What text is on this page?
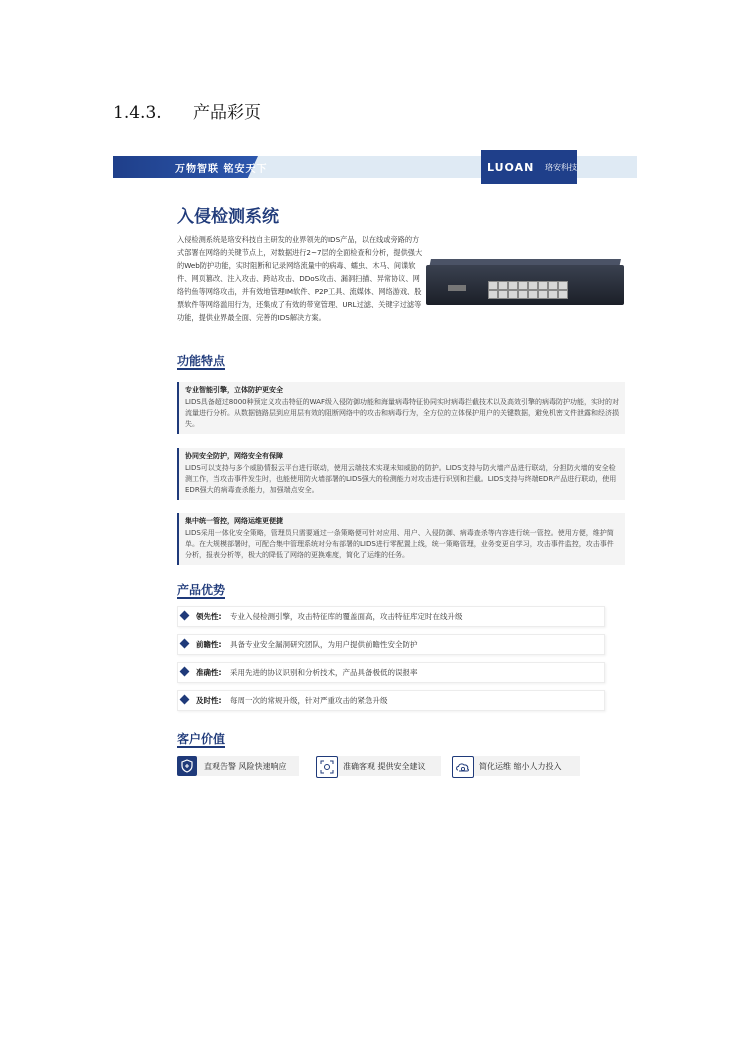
1.4.3. 产品彩页
万物智联 铭安天下	LUOAN 珞安科技
入侵检测系统
入侵检测系统是珞安科技自主研发的业界领先的IDS产品，以在线或旁路的方式部署在网络的关键节点上，对数据进行2~7层的全面检查和分析，提供强大的Web防护功能，实时阻断和记录网络流量中的病毒、蠕虫、木马、间谍软件、网页篡改、注入攻击、跨站攻击、DDoS攻击、漏洞扫描、异常协议、网络钓鱼等网络攻击，并有效地管理IM软件、P2P工具、流媒体、网络游戏、股票软件等网络滥用行为，还集成了有效的带宽管理、URL过滤、关键字过滤等功能，提供业界最全面、完善的IDS解决方案。
功能特点
专业智能引擎，立体防护更安全
LIDS具备超过8000种预定义攻击特征的WAF级入侵防御功能和海量病毒特征协同实时病毒拦截技术以及高效引擎的病毒防护功能，实时的对流量进行分析。从数据链路层到应用层有效的阻断网络中的攻击和病毒行为，全方位的立体保护用户的关键数据，避免机密文件泄露和经济损失。
协同安全防护，网络安全有保障
LIDS可以支持与多个威胁情报云平台进行联动，使用云端技术实现未知威胁的防护。LIDS支持与防火墙产品进行联动，分担防火墙的安全检测工作，当攻击事件发生时，也能使用防火墙部署的LIDS强大的检测能力对攻击进行识别和拦截。LIDS支持与终端EDR产品进行联动，使用EDR强大的病毒查杀能力，加强端点安全。
集中统一管控，网络运维更便捷
LIDS采用一体化安全策略，管理员只需要通过一条策略便可针对应用、用户、入侵防御、病毒查杀等内容进行统一管控。使用方便，维护简单。在大规模部署时，可配合集中管理系统对分布部署的LIDS进行零配置上线，统一策略管理，业务变更自学习，攻击事件监控，攻击事件分析，报表分析等，极大的降低了网络的更换难度，简化了运维的任务。
产品优势
领先性: 专业入侵检测引擎，攻击特征库的覆盖面高，攻击特征库定时在线升级
前瞻性: 具备专业安全漏洞研究团队，为用户提供前瞻性安全防护
准确性: 采用先进的协议识别和分析技术，产品具备极低的误报率
及时性: 每周一次的常规升级，针对严重攻击的紧急升级
客户价值
直观告警 风险快速响应	准确客观 提供安全建议	简化运维 缩小人力投入
